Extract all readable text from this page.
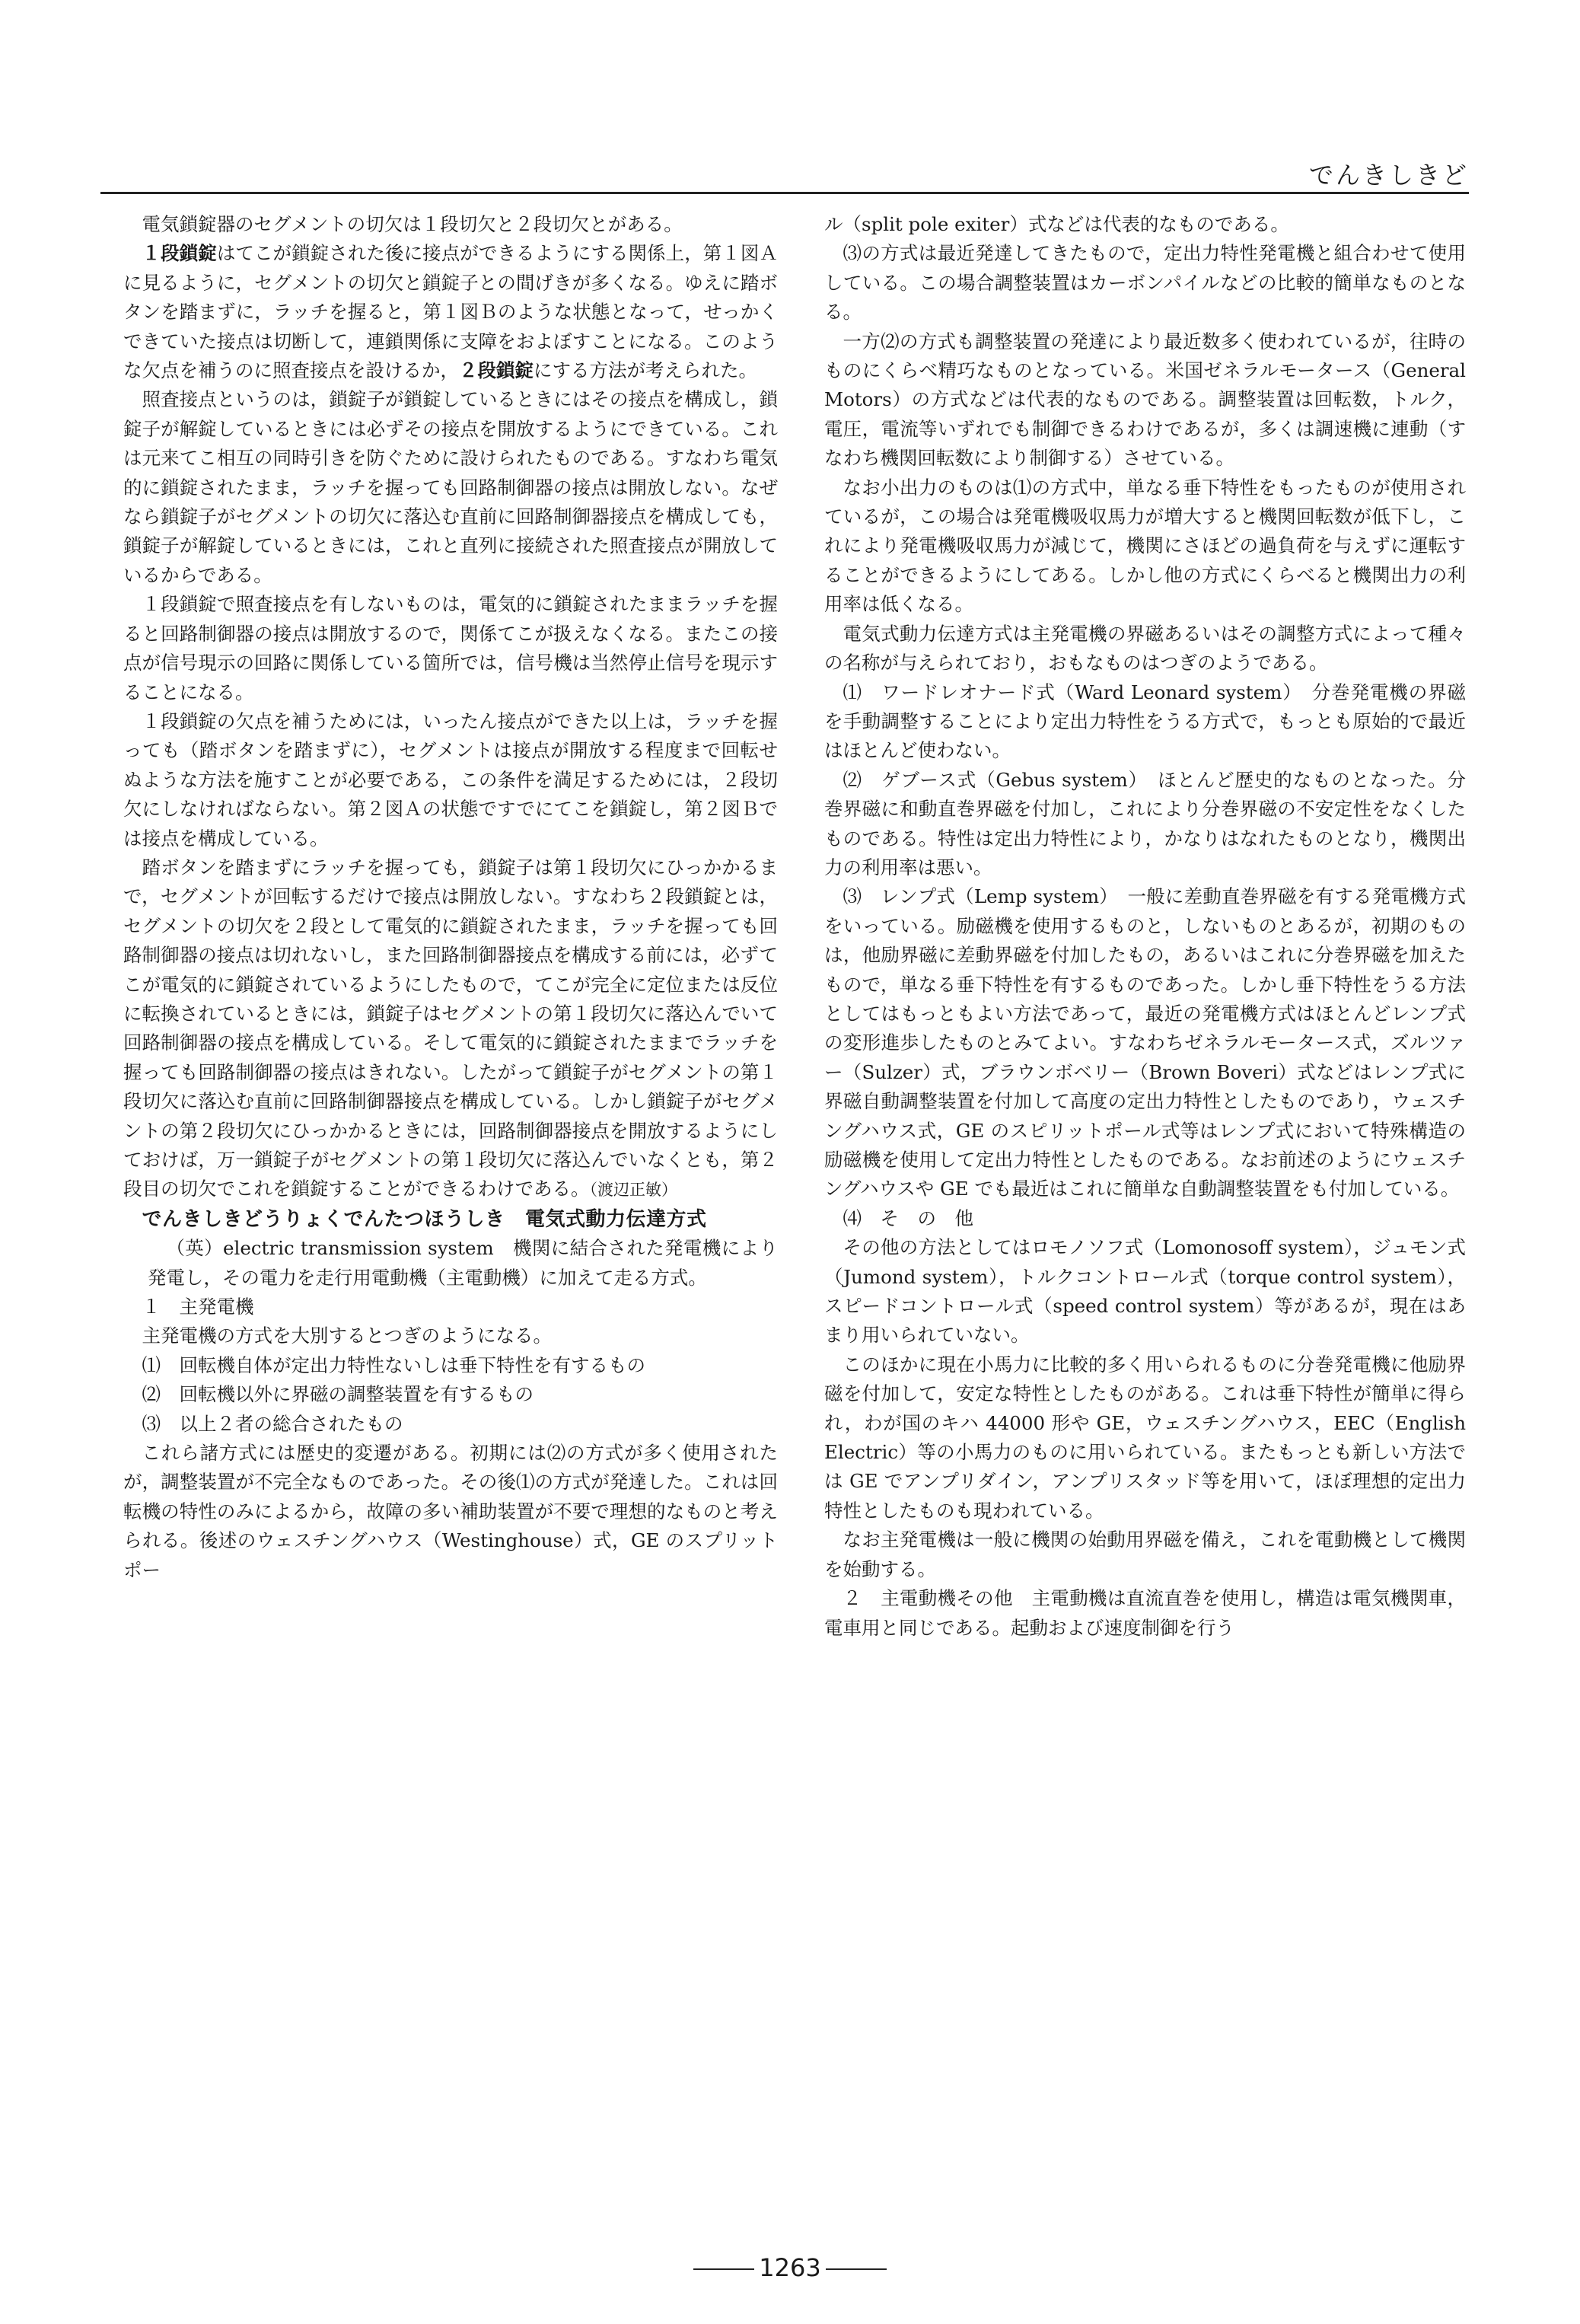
でんきしきど

電気鎖錠器のセグメントの切欠は１段切欠と２段切欠とがある。

１段鎖錠はてこが鎖錠された後に接点ができるようにする関係上，第１図Ａに見るように，セグメントの切欠と鎖錠子との間げきが多くなる。ゆえに踏ボタンを踏まずに，ラッチを握ると，第１図Ｂのような状態となって，せっかくできていた接点は切断して，連鎖関係に支障をおよぼすことになる。このような欠点を補うのに照査接点を設けるか，２段鎖錠にする方法が考えられた。

照査接点というのは，鎖錠子が鎖錠しているときにはその接点を構成し，鎖錠子が解錠しているときには必ずその接点を開放するようにできている。これは元来てこ相互の同時引きを防ぐために設けられたものである。すなわち電気的に鎖錠されたまま，ラッチを握っても回路制御器の接点は開放しない。なぜなら鎖錠子がセグメントの切欠に落込む直前に回路制御器接点を構成しても，鎖錠子が解錠しているときには，これと直列に接続された照査接点が開放しているからである。

１段鎖錠で照査接点を有しないものは，電気的に鎖錠されたままラッチを握ると回路制御器の接点は開放するので，関係てこが扱えなくなる。またこの接点が信号現示の回路に関係している箇所では，信号機は当然停止信号を現示することになる。

１段鎖錠の欠点を補うためには，いったん接点ができた以上は，ラッチを握っても（踏ボタンを踏まずに），セグメントは接点が開放する程度まで回転せぬような方法を施すことが必要である，この条件を満足するためには，２段切欠にしなければならない。第２図Ａの状態ですでにてこを鎖錠し，第２図Ｂでは接点を構成している。

踏ボタンを踏まずにラッチを握っても，鎖錠子は第１段切欠にひっかかるまで，セグメントが回転するだけで接点は開放しない。すなわち２段鎖錠とは，セグメントの切欠を２段として電気的に鎖錠されたまま，ラッチを握っても回路制御器の接点は切れないし，また回路制御器接点を構成する前には，必ずてこが電気的に鎖錠されているようにしたもので，てこが完全に定位または反位に転換されているときには，鎖錠子はセグメントの第１段切欠に落込んでいて回路制御器の接点を構成している。そして電気的に鎖錠されたままでラッチを握っても回路制御器の接点はきれない。したがって鎖錠子がセグメントの第１段切欠に落込む直前に回路制御器接点を構成している。しかし鎖錠子がセグメントの第２段切欠にひっかかるときには，回路制御器接点を開放するようにしておけば，万一鎖錠子がセグメントの第１段切欠に落込んでいなくとも，第２段目の切欠でこれを鎖錠することができるわけである。（渡辺正敏）

でんきしきどうりょくでんたつほうしき　電気式動力伝達方式

（英）electric transmission system　機関に結合された発電機により発電し，その電力を走行用電動機（主電動機）に加えて走る方式。

１　主発電機

主発電機の方式を大別するとつぎのようになる。

⑴　回転機自体が定出力特性ないしは垂下特性を有するもの

⑵　回転機以外に界磁の調整装置を有するもの

⑶　以上２者の総合されたもの

これら諸方式には歴史的変遷がある。初期には⑵の方式が多く使用されたが，調整装置が不完全なものであった。その後⑴の方式が発達した。これは回転機の特性のみによるから，故障の多い補助装置が不要で理想的なものと考えられる。後述のウェスチングハウス（Westinghouse）式，GE のスプリットポー

ル（split pole exiter）式などは代表的なものである。

⑶の方式は最近発達してきたもので，定出力特性発電機と組合わせて使用している。この場合調整装置はカーボンパイルなどの比較的簡単なものとなる。

一方⑵の方式も調整装置の発達により最近数多く使われているが，往時のものにくらべ精巧なものとなっている。米国ゼネラルモータース（General Motors）の方式などは代表的なものである。調整装置は回転数，トルク，電圧，電流等いずれでも制御できるわけであるが，多くは調速機に連動（すなわち機関回転数により制御する）させている。

なお小出力のものは⑴の方式中，単なる垂下特性をもったものが使用されているが，この場合は発電機吸収馬力が増大すると機関回転数が低下し，これにより発電機吸収馬力が減じて，機関にさほどの過負荷を与えずに運転することができるようにしてある。しかし他の方式にくらべると機関出力の利用率は低くなる。

電気式動力伝達方式は主発電機の界磁あるいはその調整方式によって種々の名称が与えられており，おもなものはつぎのようである。

⑴　ワードレオナード式（Ward Leonard system）　分巻発電機の界磁を手動調整することにより定出力特性をうる方式で，もっとも原始的で最近はほとんど使わない。

⑵　ゲブース式（Gebus system）　ほとんど歴史的なものとなった。分巻界磁に和動直巻界磁を付加し，これにより分巻界磁の不安定性をなくしたものである。特性は定出力特性により，かなりはなれたものとなり，機関出力の利用率は悪い。

⑶　レンプ式（Lemp system）　一般に差動直巻界磁を有する発電機方式をいっている。励磁機を使用するものと，しないものとあるが，初期のものは，他励界磁に差動界磁を付加したもの，あるいはこれに分巻界磁を加えたもので，単なる垂下特性を有するものであった。しかし垂下特性をうる方法としてはもっともよい方法であって，最近の発電機方式はほとんどレンプ式の変形進歩したものとみてよい。すなわちゼネラルモータース式，ズルツァー（Sulzer）式，ブラウンボベリー（Brown Boveri）式などはレンプ式に界磁自動調整装置を付加して高度の定出力特性としたものであり，ウェスチングハウス式，GE のスピリットポール式等はレンプ式において特殊構造の励磁機を使用して定出力特性としたものである。なお前述のようにウェスチングハウスや GE でも最近はこれに簡単な自動調整装置をも付加している。

⑷　そ　の　他

その他の方法としてはロモノソフ式（Lomonosoff system），ジュモン式（Jumond system），トルクコントロール式（torque control system），スピードコントロール式（speed control system）等があるが，現在はあまり用いられていない。

このほかに現在小馬力に比較的多く用いられるものに分巻発電機に他励界磁を付加して，安定な特性としたものがある。これは垂下特性が簡単に得られ，わが国のキハ 44000 形や GE，ウェスチングハウス，EEC（English Electric）等の小馬力のものに用いられている。またもっとも新しい方法では GE でアンプリダイン，アンプリスタッド等を用いて，ほぼ理想的定出力特性としたものも現われている。

なお主発電機は一般に機関の始動用界磁を備え，これを電動機として機関を始動する。

２　主電動機その他　主電動機は直流直巻を使用し，構造は電気機関車，電車用と同じである。起動および速度制御を行う

1263
